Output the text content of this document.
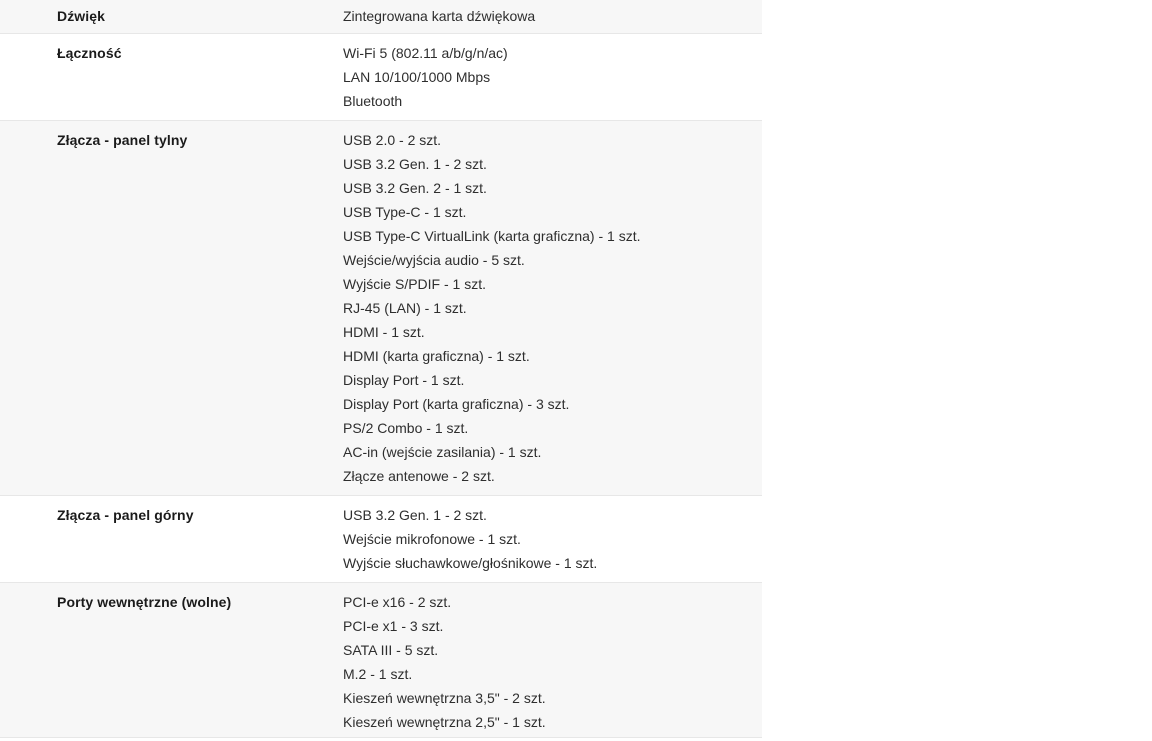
Dźwięk	Zintegrowana karta dźwiękowa
Łączność	Wi-Fi 5 (802.11 a/b/g/n/ac)
LAN 10/100/1000 Mbps
Bluetooth
Złącza - panel tylny	USB 2.0 - 2 szt.
USB 3.2 Gen. 1 - 2 szt.
USB 3.2 Gen. 2 - 1 szt.
USB Type-C - 1 szt.
USB Type-C VirtualLink (karta graficzna) - 1 szt.
Wejście/wyjścia audio - 5 szt.
Wyjście S/PDIF - 1 szt.
RJ-45 (LAN) - 1 szt.
HDMI - 1 szt.
HDMI (karta graficzna) - 1 szt.
Display Port - 1 szt.
Display Port (karta graficzna) - 3 szt.
PS/2 Combo - 1 szt.
AC-in (wejście zasilania) - 1 szt.
Złącze antenowe - 2 szt.
Złącza - panel górny	USB 3.2 Gen. 1 - 2 szt.
Wejście mikrofonowe - 1 szt.
Wyjście słuchawkowe/głośnikowe - 1 szt.
Porty wewnętrzne (wolne)	PCI-e x16 - 2 szt.
PCI-e x1 - 3 szt.
SATA III - 5 szt.
M.2 - 1 szt.
Kieszeń wewnętrzna 3,5" - 2 szt.
Kieszeń wewnętrzna 2,5" - 1 szt.
